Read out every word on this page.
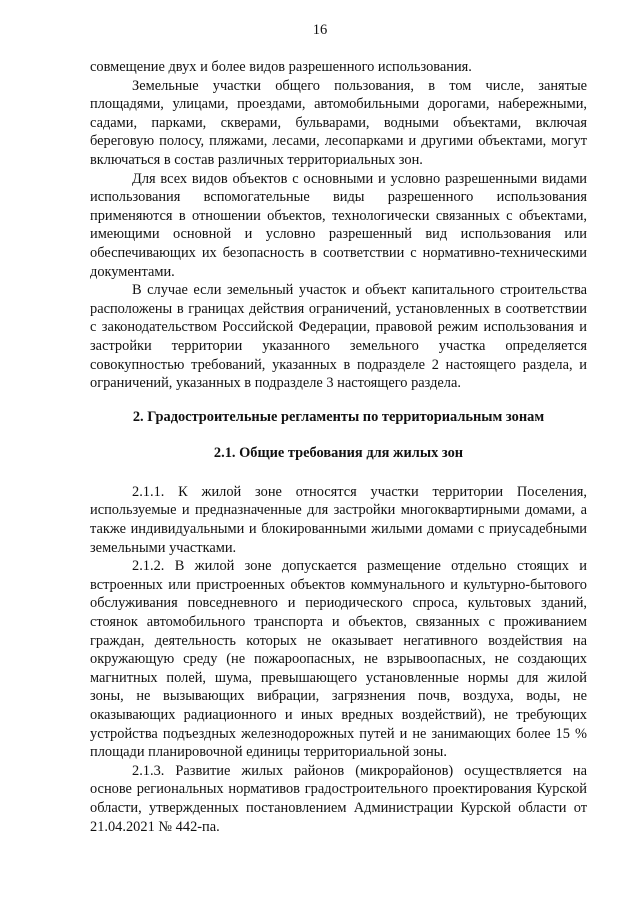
16

совмещение двух и более видов разрешенного использования.

Земельные участки общего пользования, в том числе, занятые площадями, улицами, проездами, автомобильными дорогами, набережными, садами, парками, скверами, бульварами, водными объектами, включая береговую полосу, пляжами, лесами, лесопарками и другими объектами, могут включаться в состав различных территориальных зон.

Для всех видов объектов с основными и условно разрешенными видами использования вспомогательные виды разрешенного использования применяются в отношении объектов, технологически связанных с объектами, имеющими основной и условно разрешенный вид использования или обеспечивающих их безопасность в соответствии с нормативно-техническими документами.

В случае если земельный участок и объект капитального строительства расположены в границах действия ограничений, установленных в соответствии с законодательством Российской Федерации, правовой режим использования и застройки территории указанного земельного участка определяется совокупностью требований, указанных в подразделе 2 настоящего раздела, и ограничений, указанных в подразделе 3 настоящего раздела.

2. Градостроительные регламенты по территориальным зонам

2.1. Общие требования для жилых зон

2.1.1. К жилой зоне относятся участки территории Поселения, используемые и предназначенные для застройки многоквартирными домами, а также индивидуальными и блокированными жилыми домами с приусадебными земельными участками.

2.1.2. В жилой зоне допускается размещение отдельно стоящих и встроенных или пристроенных объектов коммунального и культурно-бытового обслуживания повседневного и периодического спроса, культовых зданий, стоянок автомобильного транспорта и объектов, связанных с проживанием граждан, деятельность которых не оказывает негативного воздействия на окружающую среду (не пожароопасных, не взрывоопасных, не создающих магнитных полей, шума, превышающего установленные нормы для жилой зоны, не вызывающих вибрации, загрязнения почв, воздуха, воды, не оказывающих радиационного и иных вредных воздействий), не требующих устройства подъездных железнодорожных путей и не занимающих более 15 % площади планировочной единицы территориальной зоны.

2.1.3. Развитие жилых районов (микрорайонов) осуществляется на основе региональных нормативов градостроительного проектирования Курской области, утвержденных постановлением Администрации Курской области от 21.04.2021 № 442-па.
